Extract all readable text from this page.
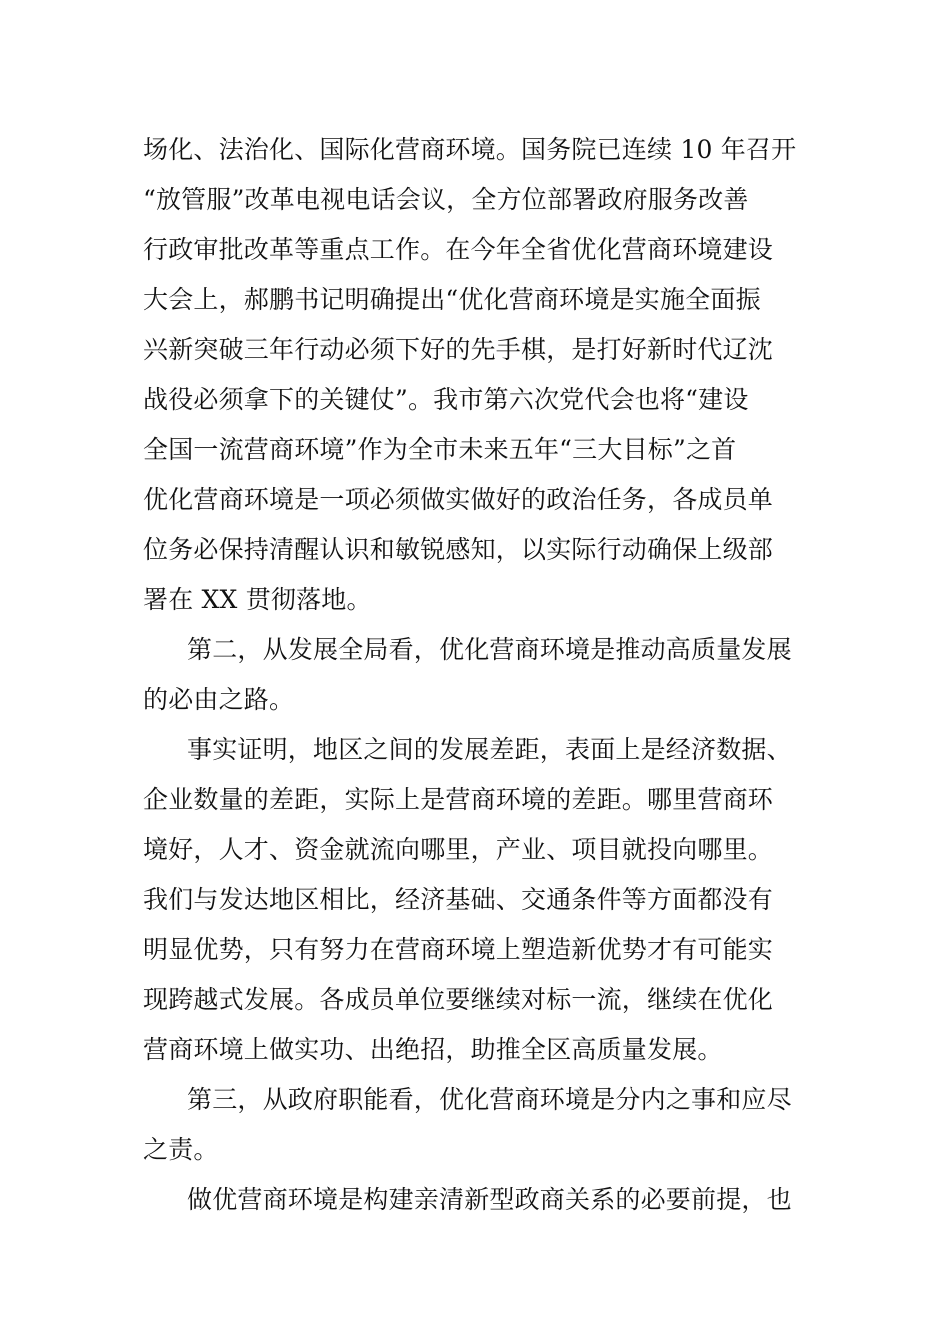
场化、法治化、国际化营商环境。国务院已连续 10 年召开
“放管服”改革电视电话会议，全方位部署政府服务改善
行政审批改革等重点工作。在今年全省优化营商环境建设
大会上，郝鹏书记明确提出“优化营商环境是实施全面振
兴新突破三年行动必须下好的先手棋，是打好新时代辽沈
战役必须拿下的关键仗”。我市第六次党代会也将“建设
全国一流营商环境”作为全市未来五年“三大目标”之首
优化营商环境是一项必须做实做好的政治任务，各成员单
位务必保持清醒认识和敏锐感知，以实际行动确保上级部
署在 XX 贯彻落地。
第二，从发展全局看，优化营商环境是推动高质量发展
的必由之路。
事实证明，地区之间的发展差距，表面上是经济数据、
企业数量的差距，实际上是营商环境的差距。哪里营商环
境好，人才、资金就流向哪里，产业、项目就投向哪里。
我们与发达地区相比，经济基础、交通条件等方面都没有
明显优势，只有努力在营商环境上塑造新优势才有可能实
现跨越式发展。各成员单位要继续对标一流，继续在优化
营商环境上做实功、出绝招，助推全区高质量发展。
第三，从政府职能看，优化营商环境是分内之事和应尽
之责。
做优营商环境是构建亲清新型政商关系的必要前提，也
